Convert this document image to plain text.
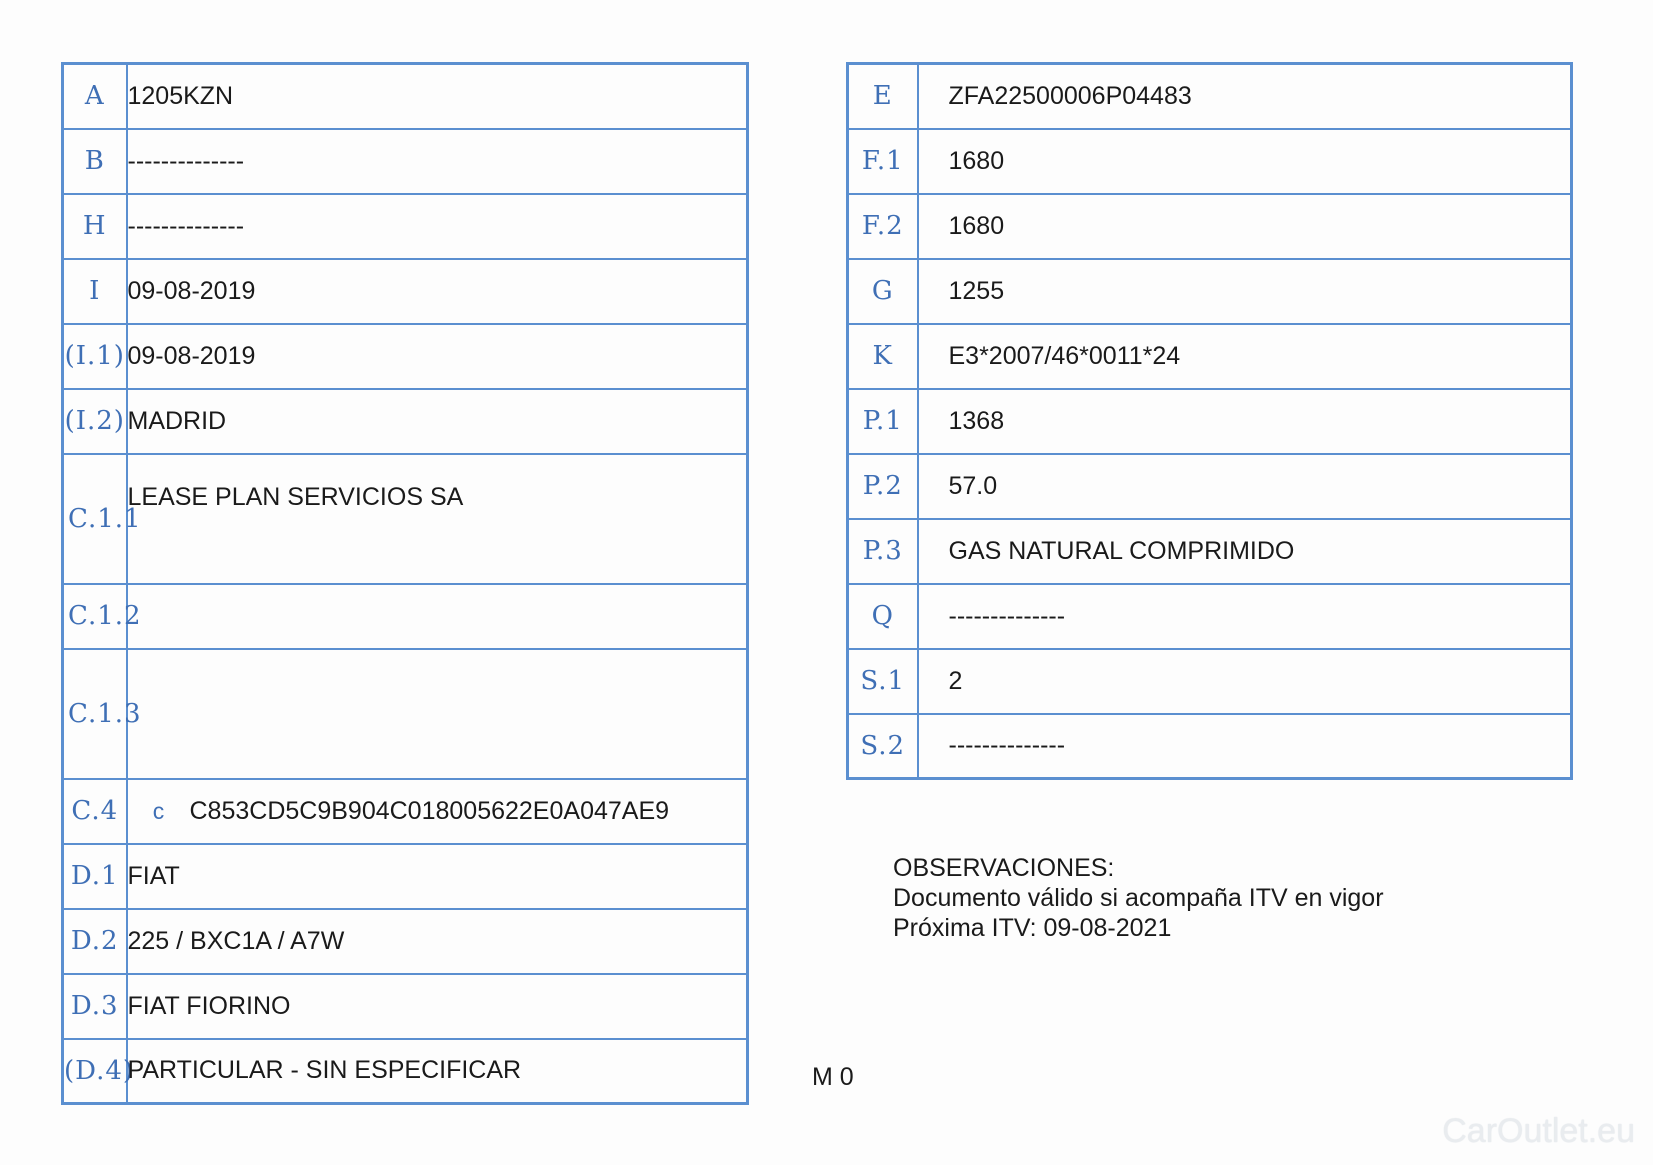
A	1205KZN
B	--------------
H	--------------
I	09-08-2019
(I.1)	09-08-2019
(I.2)	MADRID
C.1.1	LEASE PLAN SERVICIOS SA
C.1.2	
C.1.3	
C.4	c C853CD5C9B904C018005622E0A047AE9
D.1	FIAT
D.2	225 / BXC1A / A7W
D.3	FIAT FIORINO
(D.4)	PARTICULAR - SIN ESPECIFICAR
E	ZFA22500006P04483
F.1	1680
F.2	1680
G	1255
K	E3*2007/46*0011*24
P.1	1368
P.2	57.0
P.3	GAS NATURAL COMPRIMIDO
Q	--------------
S.1	2
S.2	--------------
OBSERVACIONES:
Documento válido si acompaña ITV en vigor
Próxima ITV: 09-08-2021
M 0
CarOutlet.eu
